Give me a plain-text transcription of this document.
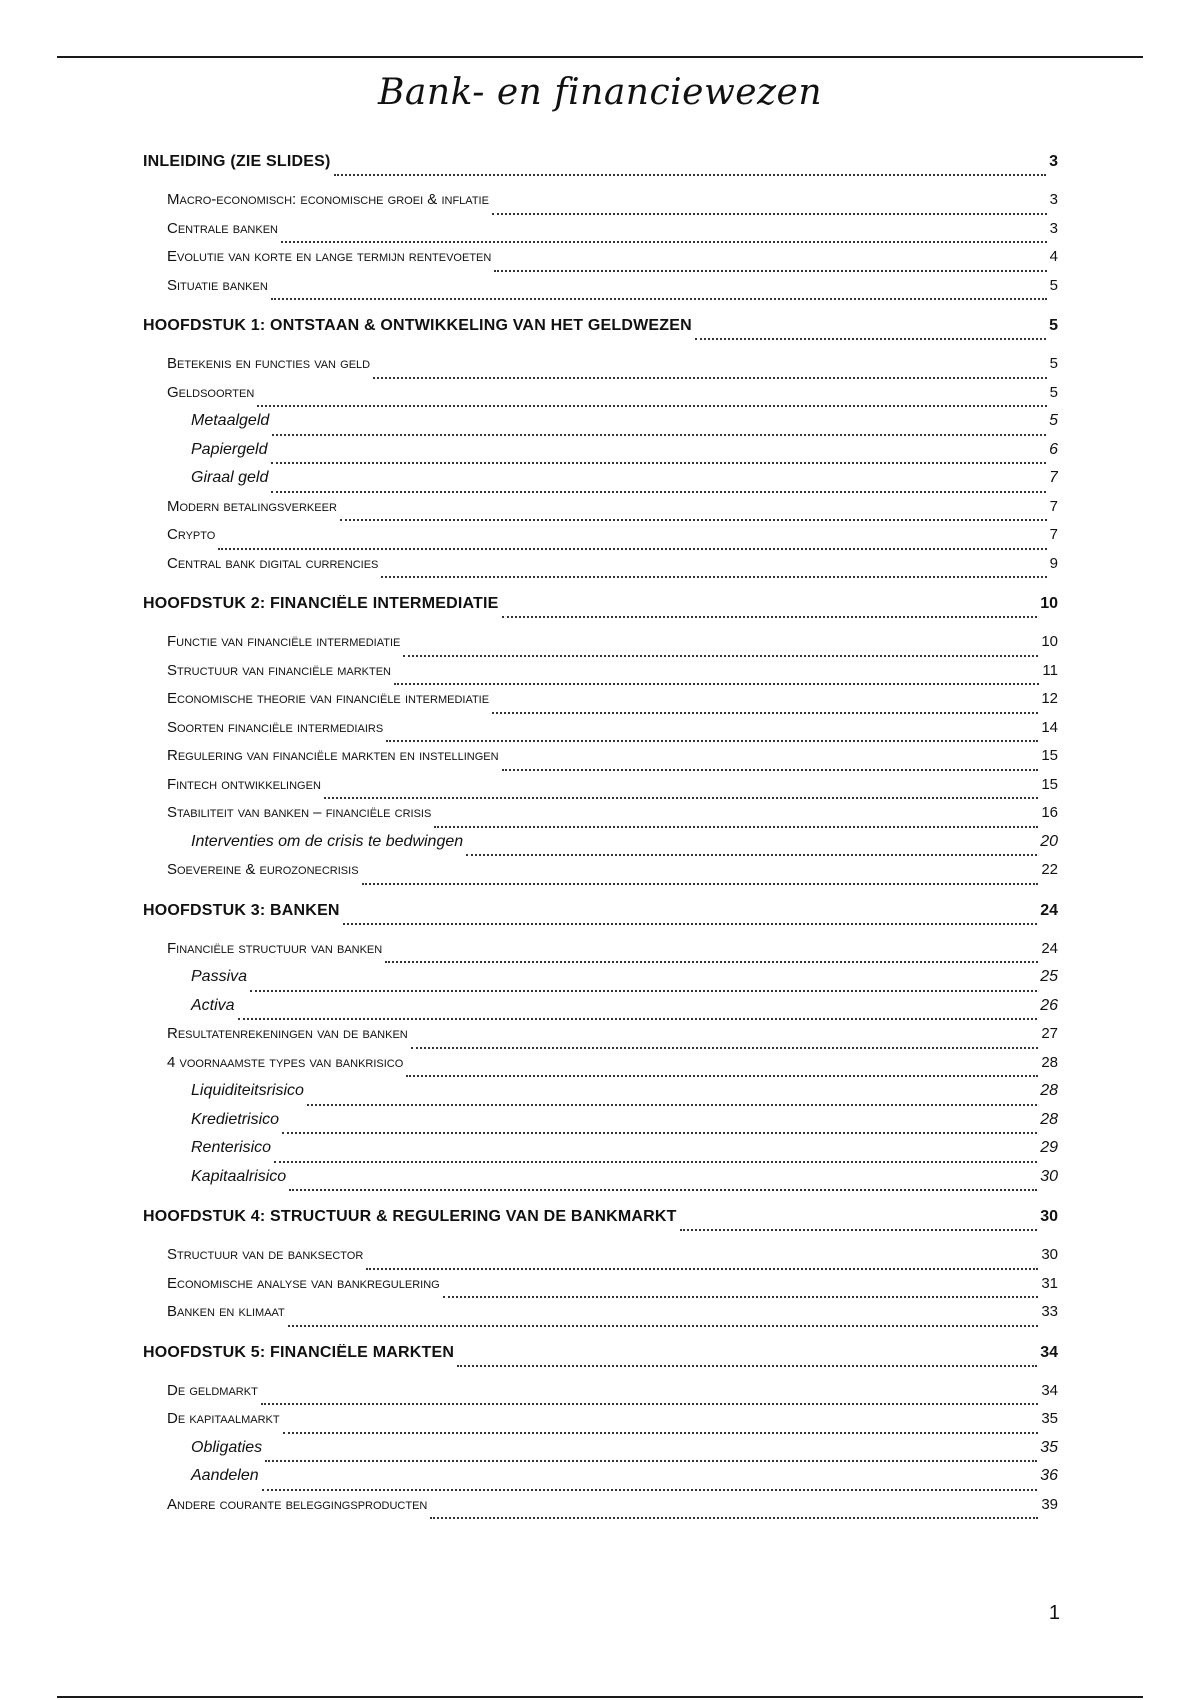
Bank- en financiewezen
INLEIDING (ZIE SLIDES)	3
Macro-economisch: economische groei & inflatie	3
Centrale banken	3
Evolutie van korte en lange termijn rentevoeten	4
Situatie banken	5
HOOFDSTUK 1: ONTSTAAN & ONTWIKKELING VAN HET GELDWEZEN	5
Betekenis en functies van geld	5
Geldsoorten	5
Metaalgeld	5
Papiergeld	6
Giraal geld	7
Modern betalingsverkeer	7
Crypto	7
Central bank digital currencies	9
HOOFDSTUK 2: FINANCIËLE INTERMEDIATIE	10
Functie van financiële intermediatie	10
Structuur van financiële markten	11
Economische theorie van financiële intermediatie	12
Soorten financiële intermediairs	14
Regulering van financiële markten en instellingen	15
Fintech ontwikkelingen	15
Stabiliteit van banken – financiële crisis	16
Interventies om de crisis te bedwingen	20
Soevereine & eurozonecrisis	22
HOOFDSTUK 3: BANKEN	24
Financiële structuur van banken	24
Passiva	25
Activa	26
Resultatenrekeningen van de banken	27
4 voornaamste types van bankrisico	28
Liquiditeitsrisico	28
Kredietrisico	28
Renterisico	29
Kapitaalrisico	30
HOOFDSTUK 4: STRUCTUUR & REGULERING VAN DE BANKMARKT	30
Structuur van de banksector	30
Economische analyse van bankregulering	31
Banken en klimaat	33
HOOFDSTUK 5: FINANCIËLE MARKTEN	34
De geldmarkt	34
De kapitaalmarkt	35
Obligaties	35
Aandelen	36
Andere courante beleggingsproducten	39
1
